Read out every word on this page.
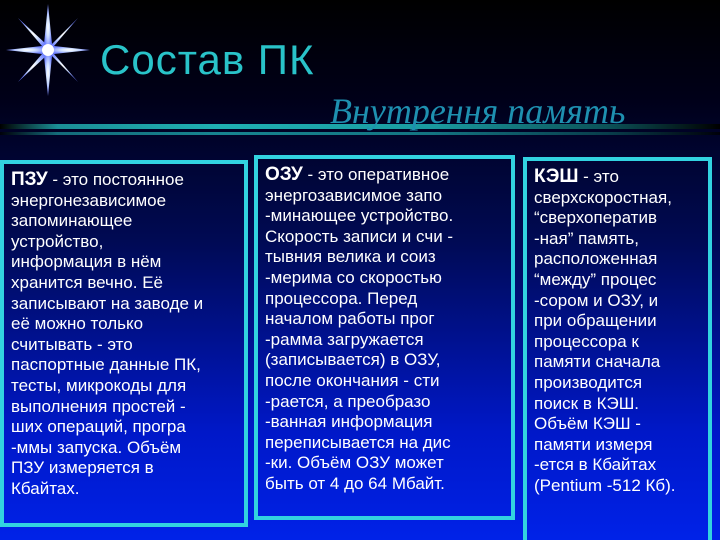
Состав ПК
Внутрення память
ПЗУ - это постоянное
энергонезависимое
запоминающее
устройство,
информация в нём
хранится вечно. Её
записывают на заводе и
её можно только
считывать - это
паспортные данные ПК,
тесты, микрокоды для
выполнения простей -
ших операций, програ
-ммы запуска. Объём
ПЗУ измеряется в
Кбайтах.
ОЗУ - это оперативное
энергозависимое запо
-минающее устройство.
Скорость записи и счи -
тывния велика и соиз
-мерима со скоростью
процессора. Перед
началом работы прог
-рамма загружается
(записывается) в ОЗУ,
после окончания - сти
-рается, а преобразо
-ванная информация
переписывается на дис
-ки. Объём ОЗУ может
быть от 4 до 64 Мбайт.
КЭШ - это
сверхскоростная,
“сверхоператив
-ная” память,
расположенная
“между” процес
-сором и ОЗУ, и
при обращении
процессора к
памяти сначала
производится
поиск в КЭШ.
Объём КЭШ -
памяти измеря
-ется в Кбайтах
(Pentium -512 Кб).
